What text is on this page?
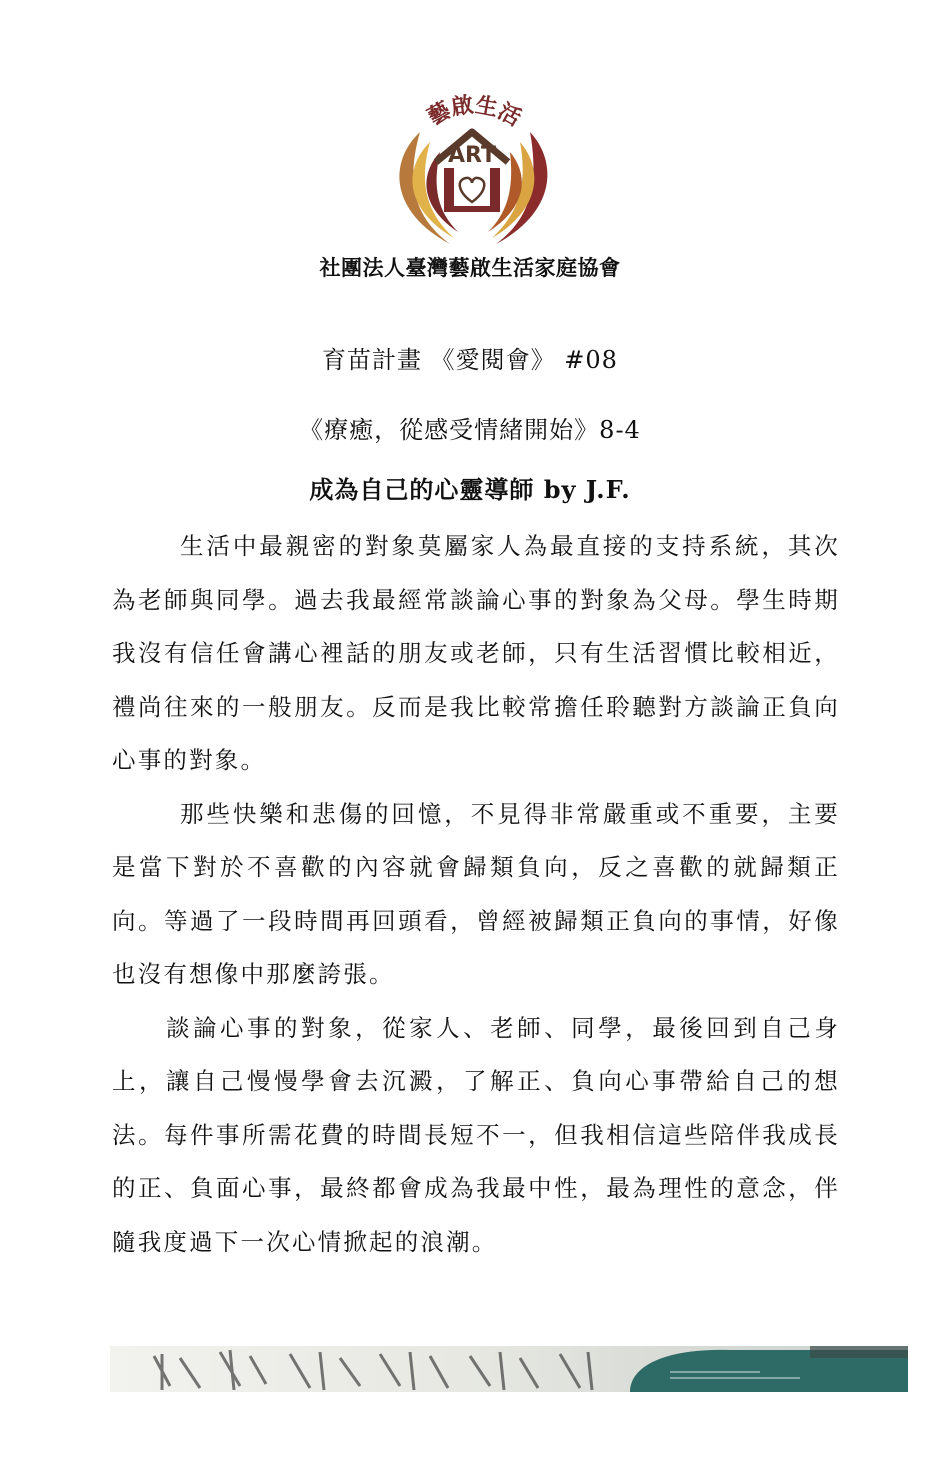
ART
藝啟生活
社團法人臺灣藝啟生活家庭協會
育苗計畫 《愛閱會》 #08
《療癒，從感受情緒開始》8-4
成為自己的心靈導師 by J.F.

生活中最親密的對象莫屬家人為最直接的支持系統，其次為老師與同學。過去我最經常談論心事的對象為父母。學生時期我沒有信任會講心裡話的朋友或老師，只有生活習慣比較相近，禮尚往來的一般朋友。反而是我比較常擔任聆聽對方談論正負向心事的對象。

那些快樂和悲傷的回憶，不見得非常嚴重或不重要，主要是當下對於不喜歡的內容就會歸類負向，反之喜歡的就歸類正向。等過了一段時間再回頭看，曾經被歸類正負向的事情，好像也沒有想像中那麼誇張。

談論心事的對象，從家人、老師、同學，最後回到自己身上，讓自己慢慢學會去沉澱，了解正、負向心事帶給自己的想法。每件事所需花費的時間長短不一，但我相信這些陪伴我成長的正、負面心事，最終都會成為我最中性，最為理性的意念，伴隨我度過下一次心情掀起的浪潮。
